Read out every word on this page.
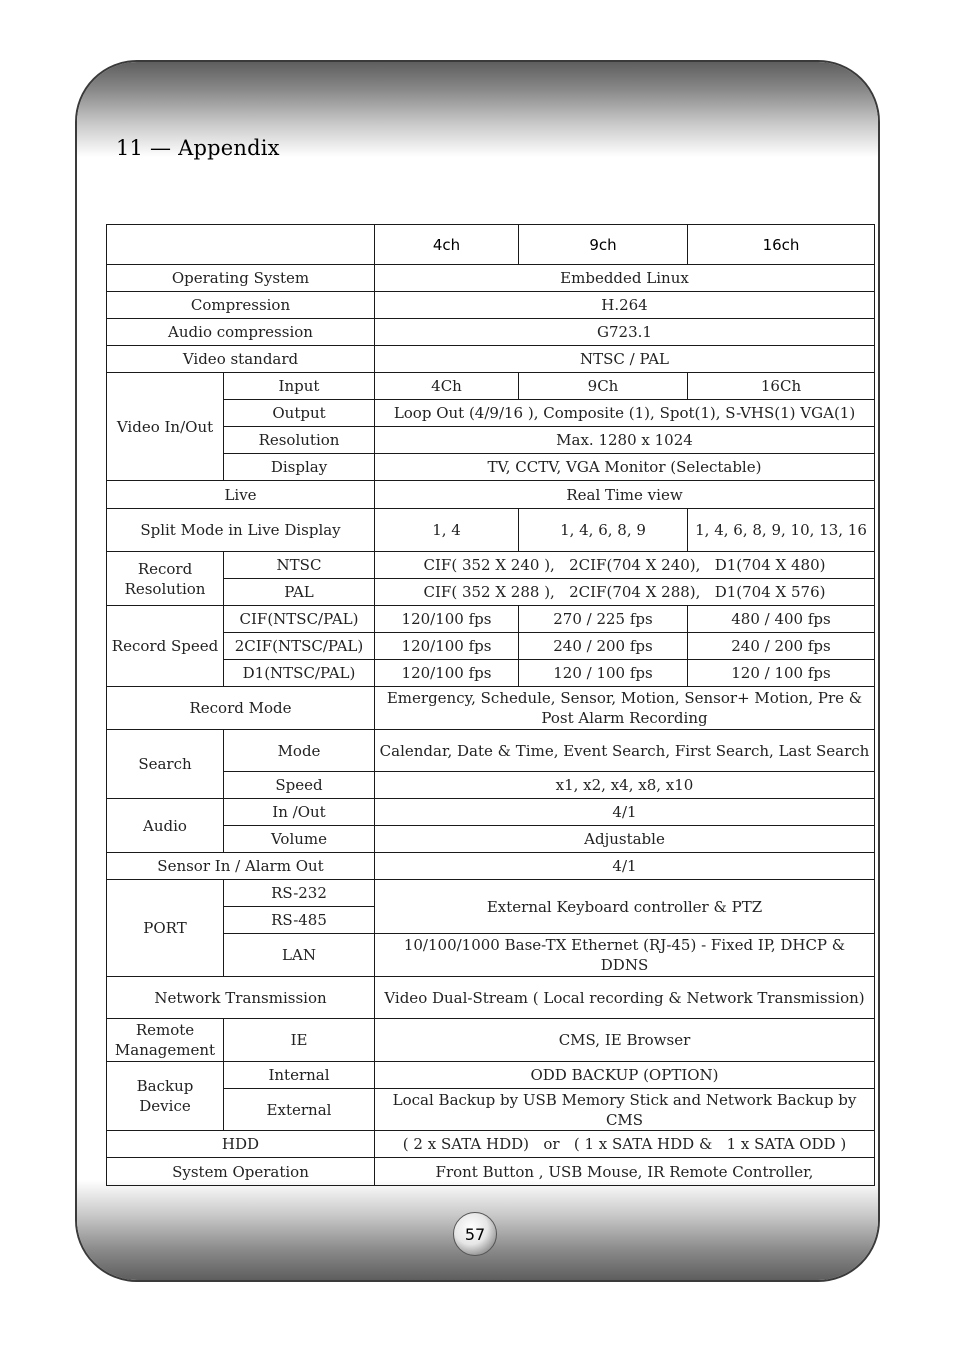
11 — Appendix
		4ch	9ch	16ch
Operating System		Embedded Linux		
Compression		H.264		
Audio compression		G723.1		
Video standard		NTSC / PAL		
Video In/Out	Input	4Ch	9Ch	16Ch
	Output	Loop Out (4/9/16 ), Composite (1), Spot(1), S-VHS(1) VGA(1)		
	Resolution	Max. 1280 x 1024		
	Display	TV, CCTV, VGA Monitor (Selectable)		
Live		Real Time view		
Split Mode in Live Display		1, 4	1, 4, 6, 8, 9	1, 4, 6, 8, 9, 10, 13, 16
Record Resolution	NTSC	CIF( 352 X 240 ),   2CIF(704 X 240),   D1(704 X 480)		
	PAL	CIF( 352 X 288 ),   2CIF(704 X 288),   D1(704 X 576)		
Record Speed	CIF(NTSC/PAL)	120/100 fps	270 / 225 fps	480 / 400 fps
	2CIF(NTSC/PAL)	120/100 fps	240 / 200 fps	240 / 200 fps
	D1(NTSC/PAL)	120/100 fps	120 / 100 fps	120 / 100 fps
Record Mode		Emergency, Schedule, Sensor, Motion, Sensor+ Motion, Pre & Post Alarm Recording		
Search	Mode	Calendar, Date & Time, Event Search, First Search, Last Search		
	Speed	x1, x2, x4, x8, x10		
Audio	In /Out	4/1		
	Volume	Adjustable		
Sensor In / Alarm Out		4/1		
PORT	RS-232	External Keyboard controller & PTZ		
	RS-485			
	LAN	10/100/1000 Base-TX Ethernet (RJ-45) - Fixed IP, DHCP & DDNS		
Network Transmission		Video Dual-Stream ( Local recording & Network Transmission)		
Remote Management	IE	CMS, IE Browser		
Backup Device	Internal	ODD BACKUP (OPTION)		
	External	Local Backup by USB Memory Stick and Network Backup by CMS		
HDD		( 2 x SATA HDD)   or   ( 1 x SATA HDD &   1 x SATA ODD )		
System Operation		Front Button , USB Mouse, IR Remote Controller,		
57
